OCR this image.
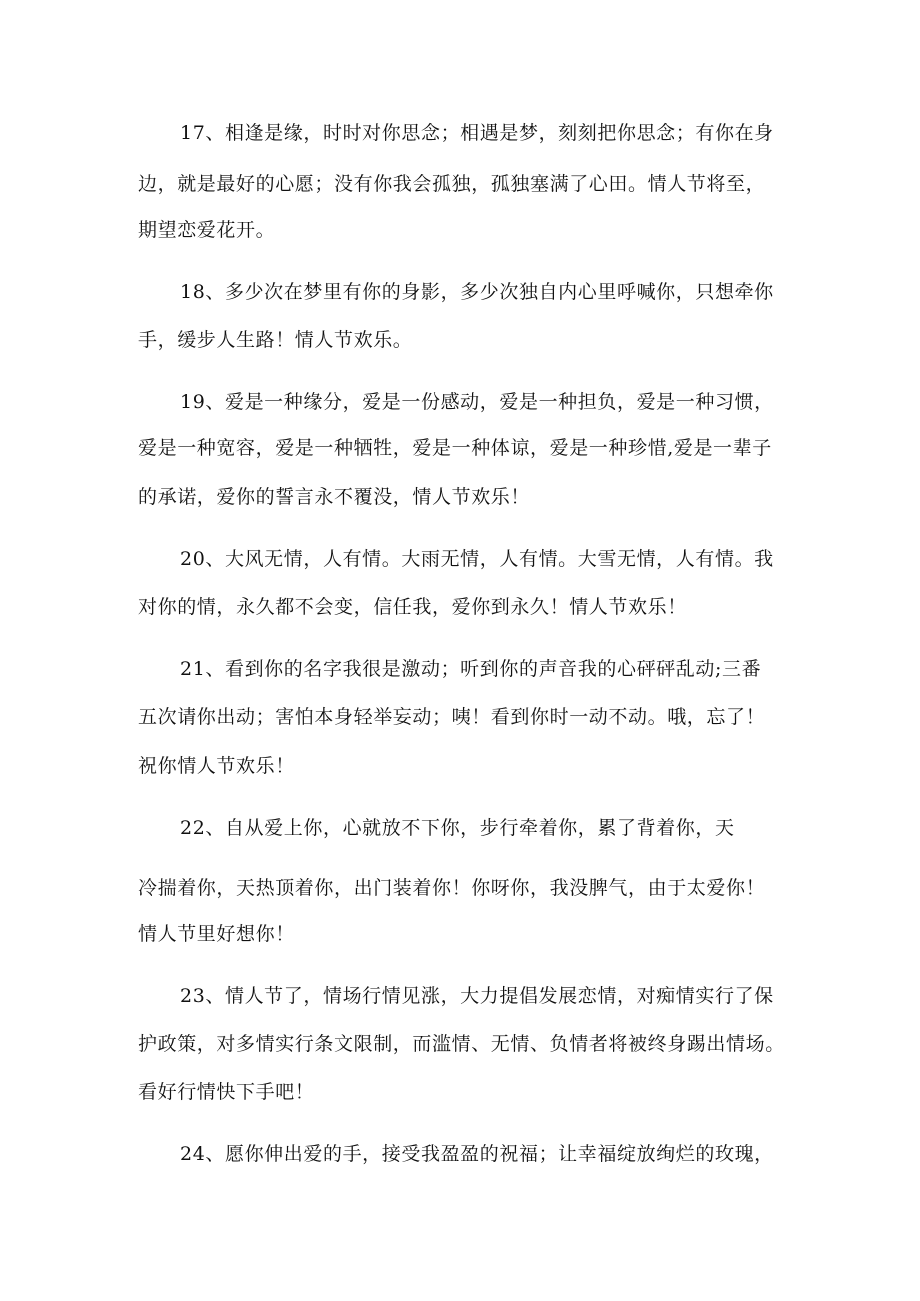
17、相逢是缘，时时对你思念；相遇是梦，刻刻把你思念；有你在身
边，就是最好的心愿；没有你我会孤独，孤独塞满了心田。情人节将至，
期望恋爱花开。
18、多少次在梦里有你的身影，多少次独自内心里呼喊你，只想牵你
手，缓步人生路！情人节欢乐。
19、爱是一种缘分，爱是一份感动，爱是一种担负，爱是一种习惯，
爱是一种宽容，爱是一种牺牲，爱是一种体谅，爱是一种珍惜,爱是一辈子
的承诺，爱你的誓言永不覆没，情人节欢乐！
20、大风无情，人有情。大雨无情，人有情。大雪无情，人有情。我
对你的情，永久都不会变，信任我，爱你到永久！情人节欢乐！
21、看到你的名字我很是激动；听到你的声音我的心砰砰乱动;三番
五次请你出动；害怕本身轻举妄动；咦！看到你时一动不动。哦，忘了！
祝你情人节欢乐！
22、自从爱上你，心就放不下你，步行牵着你，累了背着你，天
冷揣着你，天热顶着你，出门装着你！你呀你，我没脾气，由于太爱你！
情人节里好想你！
23、情人节了，情场行情见涨，大力提倡发展恋情，对痴情实行了保
护政策，对多情实行条文限制，而滥情、无情、负情者将被终身踢出情场。
看好行情快下手吧！
24、愿你伸出爱的手，接受我盈盈的祝福；让幸福绽放绚烂的玫瑰，
